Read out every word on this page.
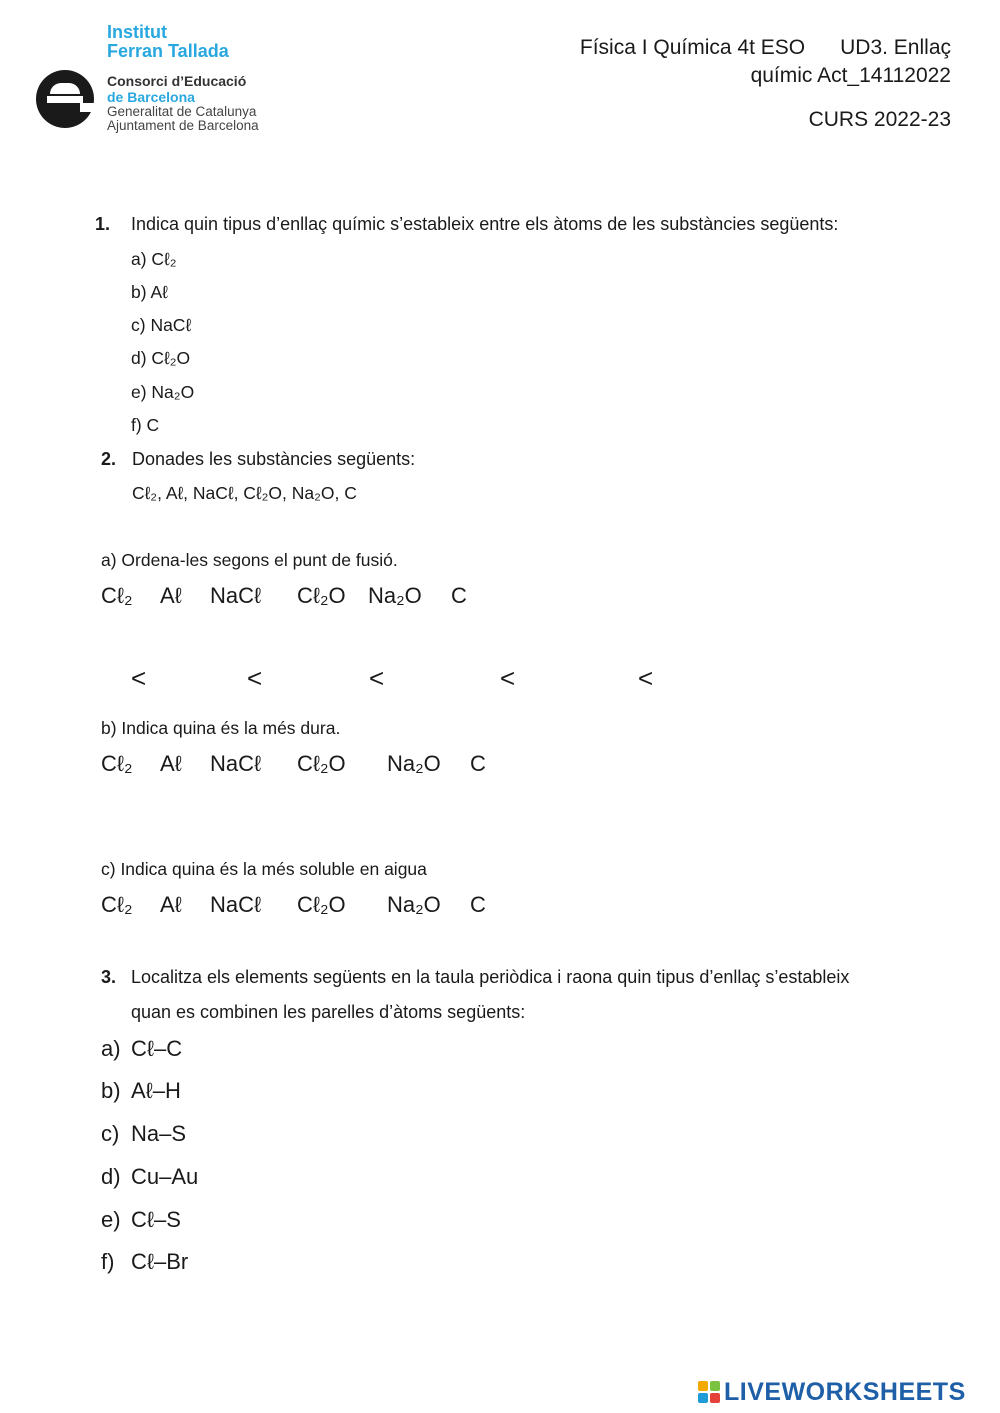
Institut
Ferran Tallada
Consorci d’Educació
de Barcelona
Generalitat de Catalunya
Ajuntament de Barcelona
Física I Química 4t ESO      UD3. Enllaç
químic Act_14112022
CURS 2022-23
1. Indica quin tipus d’enllaç químic s’estableix entre els àtoms de les substàncies següents:
a) Cℓ₂
b) Aℓ
c) NaCℓ
d) Cℓ₂O
e) Na₂O
f) C
2. Donades les substàncies següents:
Cℓ₂, Aℓ, NaCℓ, Cℓ₂O, Na₂O, C
a) Ordena-les segons el punt de fusió.
Cℓ₂ Aℓ NaCℓ Cℓ₂O Na₂O C
<	<	<	<	<
b) Indica quina és la més dura.
Cℓ₂ Aℓ NaCℓ Cℓ₂O Na₂O C
c) Indica quina és la més soluble en aigua
Cℓ₂ Aℓ NaCℓ Cℓ₂O Na₂O C
3. Localitza els elements següents en la taula periòdica i raona quin tipus d’enllaç s’estableix
quan es combinen les parelles d’àtoms següents:
a) Cℓ–C
b) Aℓ–H
c) Na–S
d) Cu–Au
e) Cℓ–S
f) Cℓ–Br
LIVEWORKSHEETS
